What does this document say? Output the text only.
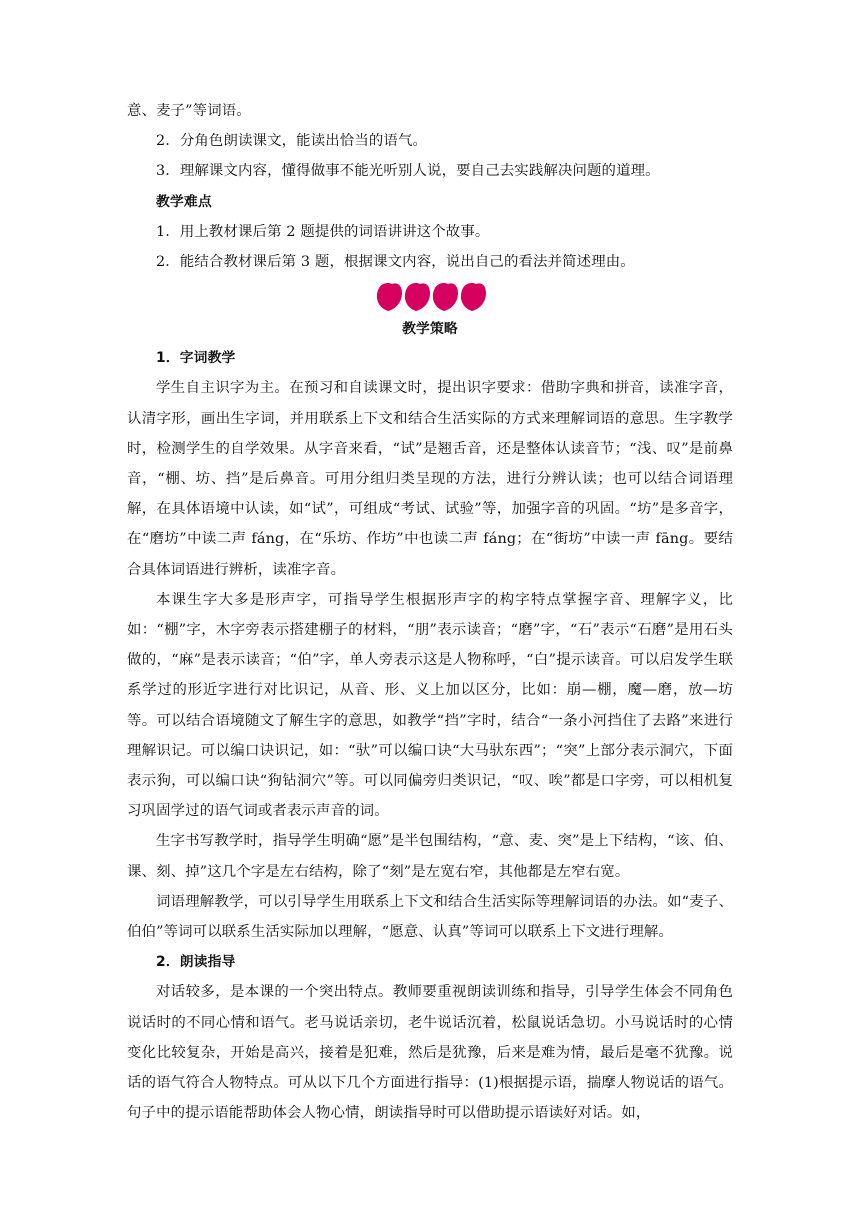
意、麦子”等词语。

2．分角色朗读课文，能读出恰当的语气。

3．理解课文内容，懂得做事不能光听别人说，要自己去实践解决问题的道理。

教学难点

1．用上教材课后第 2 题提供的词语讲讲这个故事。

2．能结合教材课后第 3 题，根据课文内容，说出自己的看法并简述理由。

教学策略

1．字词教学

学生自主识字为主。在预习和自读课文时，提出识字要求：借助字典和拼音，读准字音，认清字形，画出生字词，并用联系上下文和结合生活实际的方式来理解词语的意思。生字教学时，检测学生的自学效果。从字音来看，“试”是翘舌音，还是整体认读音节；“浅、叹”是前鼻音，“棚、坊、挡”是后鼻音。可用分组归类呈现的方法，进行分辨认读；也可以结合词语理解，在具体语境中认读，如“试”，可组成“考试、试验”等，加强字音的巩固。“坊”是多音字，在“磨坊”中读二声 fáng，在“乐坊、作坊”中也读二声 fáng；在“街坊”中读一声 fāng。要结合具体词语进行辨析，读准字音。

本课生字大多是形声字，可指导学生根据形声字的构字特点掌握字音、理解字义，比如：“棚”字，木字旁表示搭建棚子的材料，“朋”表示读音；“磨”字，“石”表示“石磨”是用石头做的，“麻”是表示读音；“伯”字，单人旁表示这是人物称呼，“白”提示读音。可以启发学生联系学过的形近字进行对比识记，从音、形、义上加以区分，比如：崩—棚，魔—磨，放—坊等。可以结合语境随文了解生字的意思，如教学“挡”字时，结合“一条小河挡住了去路”来进行理解识记。可以编口诀识记，如：“驮”可以编口诀“大马驮东西”；“突”上部分表示洞穴，下面表示狗，可以编口诀“狗钻洞穴”等。可以同偏旁归类识记，“叹、唉”都是口字旁，可以相机复习巩固学过的语气词或者表示声音的词。

生字书写教学时，指导学生明确“愿”是半包围结构，“意、麦、突”是上下结构，“该、伯、课、刻、掉”这几个字是左右结构，除了“刻”是左宽右窄，其他都是左窄右宽。

词语理解教学，可以引导学生用联系上下文和结合生活实际等理解词语的办法。如“麦子、伯伯”等词可以联系生活实际加以理解，“愿意、认真”等词可以联系上下文进行理解。

2．朗读指导

对话较多，是本课的一个突出特点。教师要重视朗读训练和指导，引导学生体会不同角色说话时的不同心情和语气。老马说话亲切，老牛说话沉着，松鼠说话急切。小马说话时的心情变化比较复杂，开始是高兴，接着是犯难，然后是犹豫，后来是难为情，最后是毫不犹豫。说话的语气符合人物特点。可从以下几个方面进行指导：(1)根据提示语，揣摩人物说话的语气。句子中的提示语能帮助体会人物心情，朗读指导时可以借助提示语读好对话。如，
